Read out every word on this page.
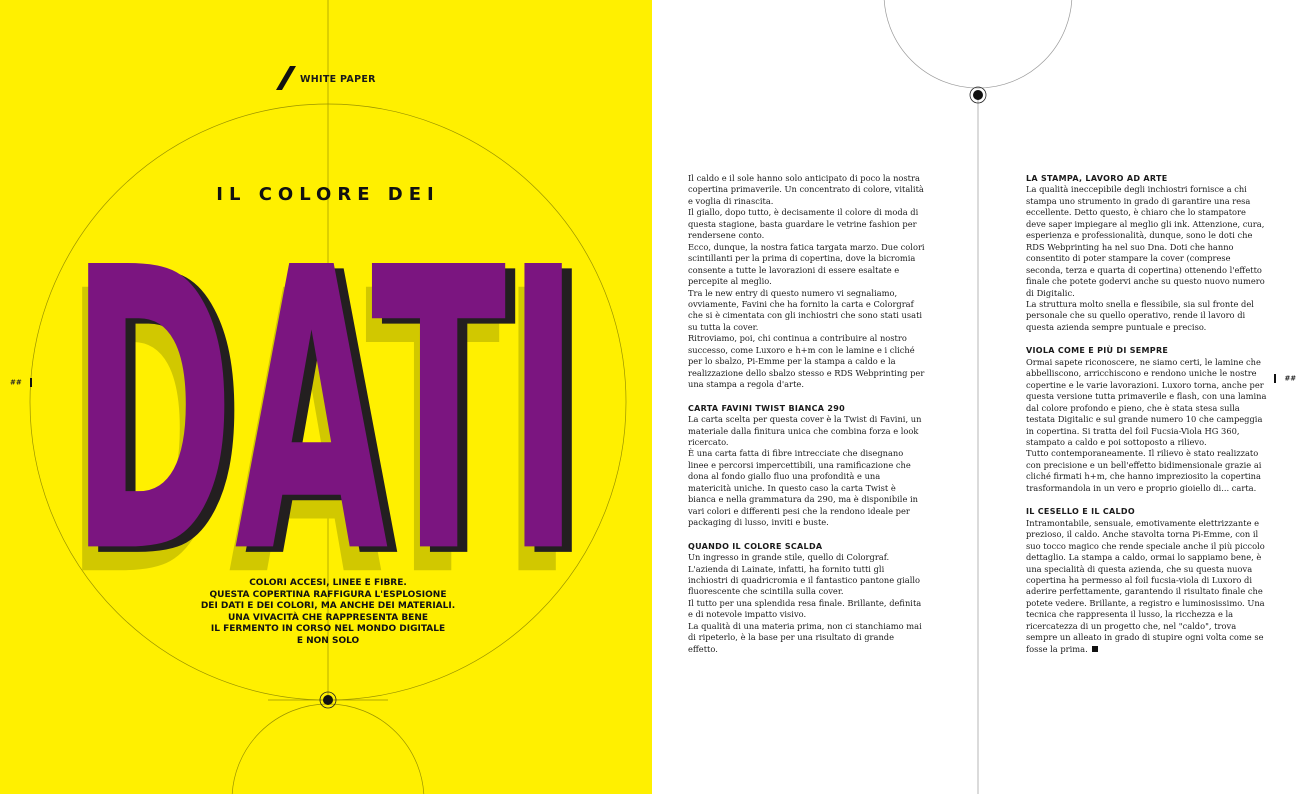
WHITE PAPER
IL COLORE DEI
DATI
DATI
DATI
COLORI ACCESI, LINEE E FIBRE.
QUESTA COPERTINA RAFFIGURA L'ESPLOSIONE
DEI DATI E DEI COLORI, MA ANCHE DEI MATERIALI.
UNA VIVACITÀ CHE RAPPRESENTA BENE
IL FERMENTO IN CORSO NEL MONDO DIGITALE
E NON SOLO
##

Il caldo e il sole hanno solo anticipato di poco la nostra copertina primaverile. Un concentrato di colore, vitalità e voglia di rinascita.

Il giallo, dopo tutto, è decisamente il colore di moda di questa stagione, basta guardare le vetrine fashion per rendersene conto.

Ecco, dunque, la nostra fatica targata marzo. Due colori scintillanti per la prima di copertina, dove la bicromia consente a tutte le lavorazioni di essere esaltate e percepite al meglio.

Tra le new entry di questo numero vi segnaliamo, ovviamente, Favini che ha fornito la carta e Colorgraf che si è cimentata con gli inchiostri che sono stati usati su tutta la cover.

Ritroviamo, poi, chi continua a contribuire al nostro successo, come Luxoro e h+m con le lamine e i cliché per lo sbalzo, Pi-Emme per la stampa a caldo e la realizzazione dello sbalzo stesso e RDS Webprinting per una stampa a regola d'arte.

CARTA FAVINI TWIST BIANCA 290

La carta scelta per questa cover è la Twist di Favini, un materiale dalla finitura unica che combina forza e look ricercato.

È una carta fatta di fibre intrecciate che disegnano linee e percorsi impercettibili, una ramificazione che dona al fondo giallo fluo una profondità e una matericità uniche. In questo caso la carta Twist è bianca e nella grammatura da 290, ma è disponibile in vari colori e differenti pesi che la rendono ideale per packaging di lusso, inviti e buste.

QUANDO IL COLORE SCALDA

Un ingresso in grande stile, quello di Colorgraf.

L'azienda di Lainate, infatti, ha fornito tutti gli inchiostri di quadricromia e il fantastico pantone giallo fluorescente che scintilla sulla cover.

Il tutto per una splendida resa finale. Brillante, definita e di notevole impatto visivo.

La qualità di una materia prima, non ci stanchiamo mai di ripeterlo, è la base per una risultato di grande effetto.

LA STAMPA, LAVORO AD ARTE

La qualità ineccepibile degli inchiostri fornisce a chi stampa uno strumento in grado di garantire una resa eccellente. Detto questo, è chiaro che lo stampatore deve saper impiegare al meglio gli ink. Attenzione, cura, esperienza e professionalità, dunque, sono le doti che RDS Webprinting ha nel suo Dna. Doti che hanno consentito di poter stampare la cover (comprese seconda, terza e quarta di copertina) ottenendo l'effetto finale che potete godervi anche su questo nuovo numero di Digitalic.

La struttura molto snella e flessibile, sia sul fronte del personale che su quello operativo, rende il lavoro di questa azienda sempre puntuale e preciso.

VIOLA COME E PIÙ DI SEMPRE

Ormai sapete riconoscere, ne siamo certi, le lamine che abbelliscono, arricchiscono e rendono uniche le nostre copertine e le varie lavorazioni. Luxoro torna, anche per questa versione tutta primaverile e flash, con una lamina dal colore profondo e pieno, che è stata stesa sulla testata Digitalic e sul grande numero 10 che campeggia in copertina. Si tratta del foil Fucsia-Viola HG 360, stampato a caldo e poi sottoposto a rilievo.

Tutto contemporaneamente. Il rilievo è stato realizzato con precisione e un bell'effetto bidimensionale grazie ai cliché firmati h+m, che hanno impreziosito la copertina trasformandola in un vero e proprio gioiello di... carta.

IL CESELLO E IL CALDO

Intramontabile, sensuale, emotivamente elettrizzante e prezioso, il caldo. Anche stavolta torna Pi-Emme, con il suo tocco magico che rende speciale anche il più piccolo dettaglio. La stampa a caldo, ormai lo sappiamo bene, è una specialità di questa azienda, che su questa nuova copertina ha permesso al foil fucsia-viola di Luxoro di aderire perfettamente, garantendo il risultato finale che potete vedere. Brillante, a registro e luminosissimo. Una tecnica che rappresenta il lusso, la ricchezza e la ricercatezza di un progetto che, nel "caldo", trova sempre un alleato in grado di stupire ogni volta come se fosse la prima.

##
